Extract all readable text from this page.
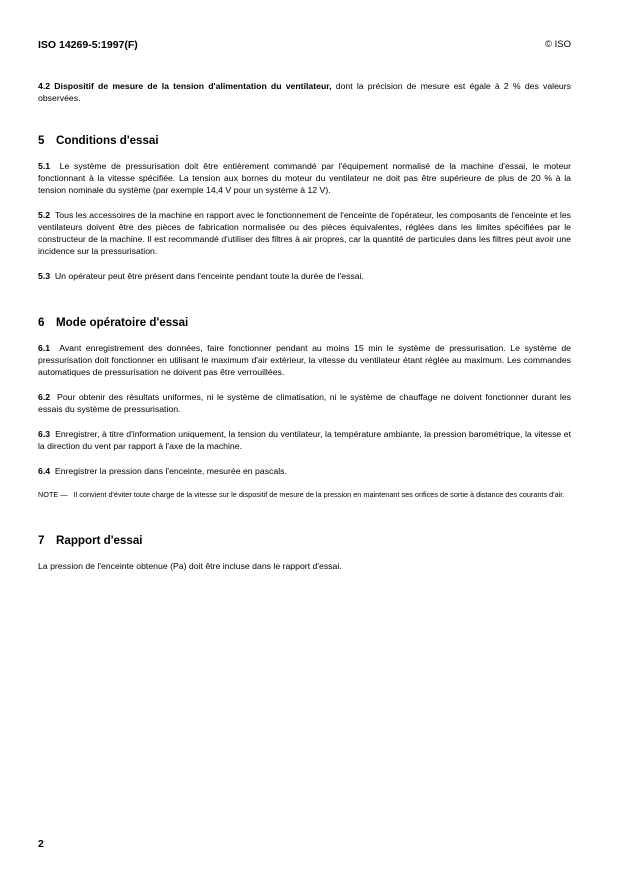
ISO 14269-5:1997(F)	© ISO

4.2 Dispositif de mesure de la tension d'alimentation du ventilateur, dont la précision de mesure est égale à 2 % des valeurs observées.

5 Conditions d'essai

5.1 Le système de pressurisation doit être entièrement commandé par l'équipement normalisé de la machine d'essai, le moteur fonctionnant à la vitesse spécifiée. La tension aux bornes du moteur du ventilateur ne doit pas être supérieure de plus de 20 % à la tension nominale du système (par exemple 14,4 V pour un système à 12 V).

5.2 Tous les accessoires de la machine en rapport avec le fonctionnement de l'enceinte de l'opérateur, les composants de l'enceinte et les ventilateurs doivent être des pièces de fabrication normalisée ou des pièces équivalentes, réglées dans les limites spécifiées par le constructeur de la machine. Il est recommandé d'utiliser des filtres à air propres, car la quantité de particules dans les filtres peut avoir une incidence sur la pressurisation.

5.3 Un opérateur peut être présent dans l'enceinte pendant toute la durée de l'essai.

6 Mode opératoire d'essai

6.1 Avant enregistrement des données, faire fonctionner pendant au moins 15 min le système de pressurisation. Le système de pressurisation doit fonctionner en utilisant le maximum d'air extérieur, la vitesse du ventilateur étant réglée au maximum. Les commandes automatiques de pressurisation ne doivent pas être verrouillées.

6.2 Pour obtenir des résultats uniformes, ni le système de climatisation, ni le système de chauffage ne doivent fonctionner durant les essais du système de pressurisation.

6.3 Enregistrer, à titre d'information uniquement, la tension du ventilateur, la température ambiante, la pression barométrique, la vitesse et la direction du vent par rapport à l'axe de la machine.

6.4 Enregistrer la pression dans l'enceinte, mesurée en pascals.

NOTE — Il convient d'éviter toute charge de la vitesse sur le dispositif de mesure de la pression en maintenant ses orifices de sortie à distance des courants d'air.

7 Rapport d'essai

La pression de l'enceinte obtenue (Pa) doit être incluse dans le rapport d'essai.

2
